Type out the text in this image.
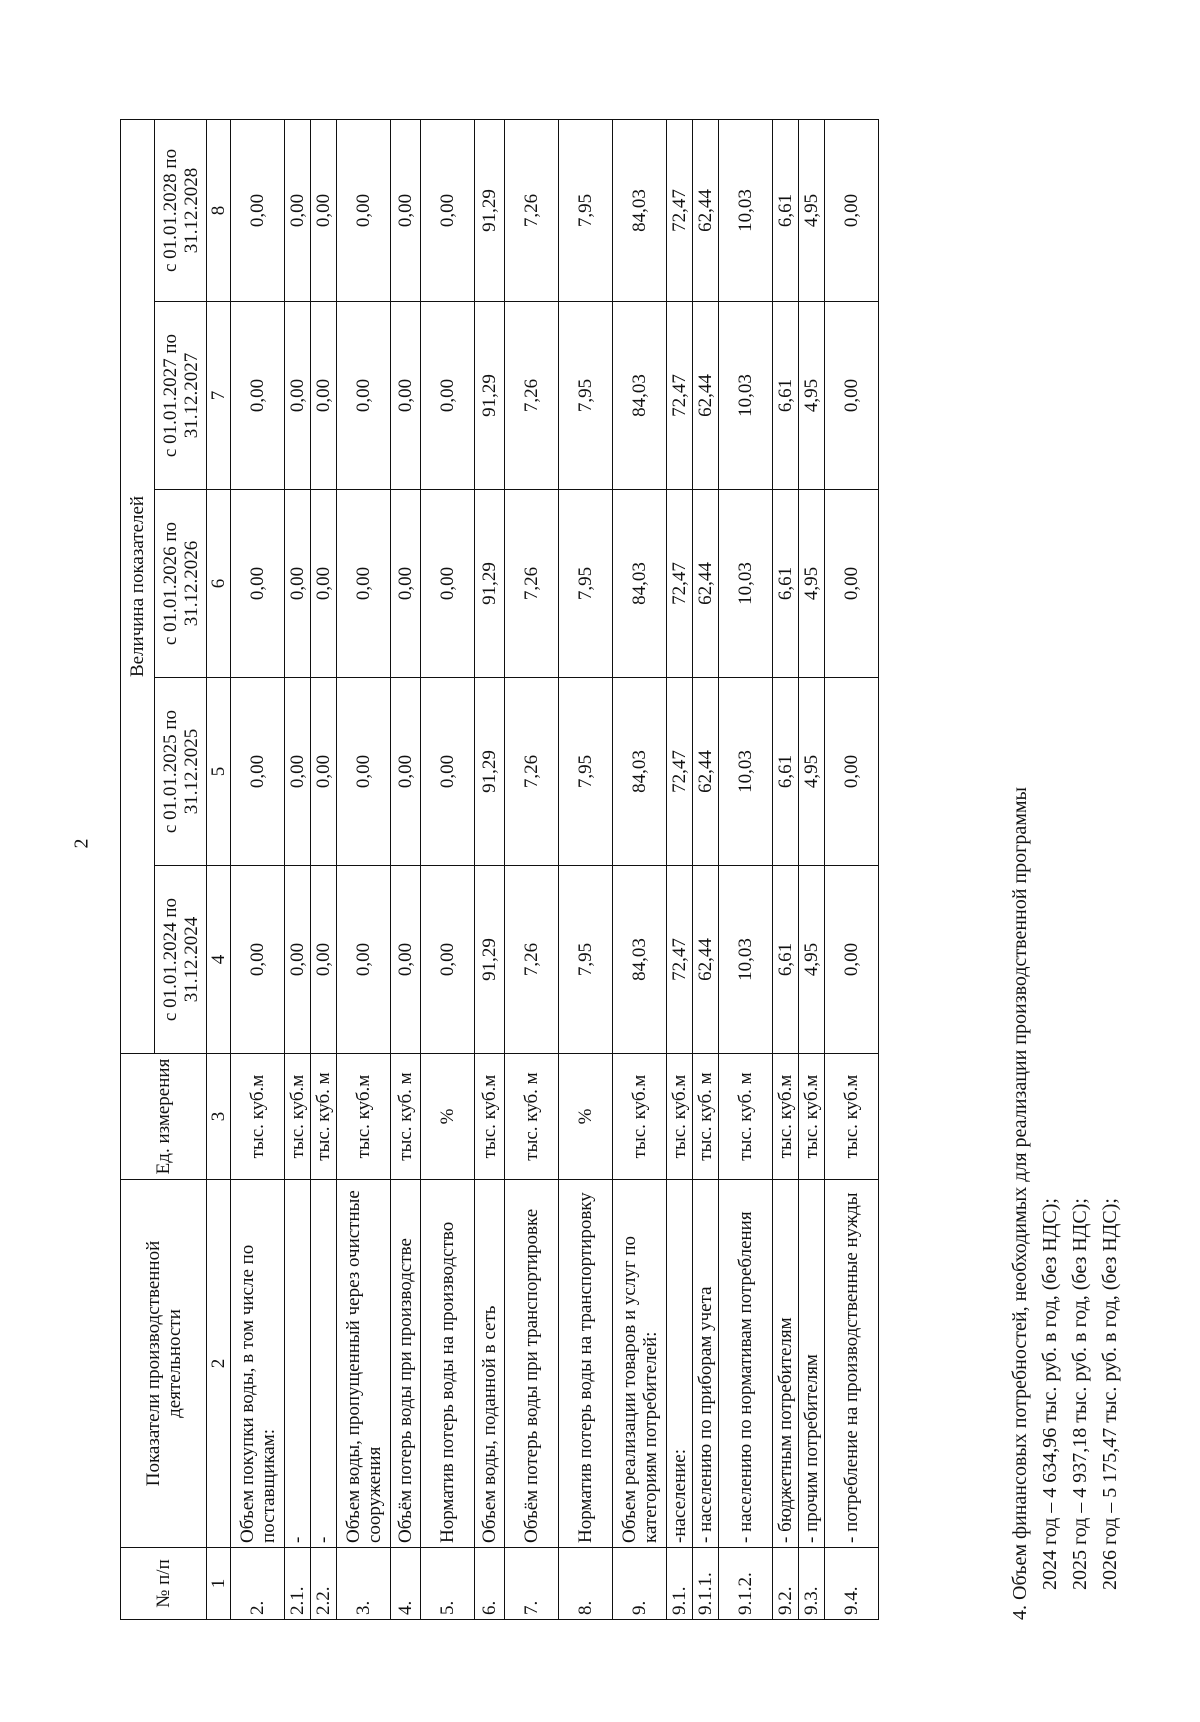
2
№ п/п	Показатели производственной деятельности	Ед. измерения	Величина показателей				
			с 01.01.2024 по 31.12.2024	с 01.01.2025 по 31.12.2025	с 01.01.2026 по 31.12.2026	с 01.01.2027 по 31.12.2027	с 01.01.2028 по 31.12.2028
1	2	3	4	5	6	7	8
2.	Объем покупки воды, в том числе по поставщикам:	тыс. куб.м	0,00	0,00	0,00	0,00	0,00
2.1.	-	тыс. куб.м	0,00	0,00	0,00	0,00	0,00
2.2.	-	тыс. куб. м	0,00	0,00	0,00	0,00	0,00
3.	Объем воды, пропущенный через очистные сооружения	тыс. куб.м	0,00	0,00	0,00	0,00	0,00
4.	Объём потерь воды при производстве	тыс. куб. м	0,00	0,00	0,00	0,00	0,00
5.	Норматив потерь воды на производство	%	0,00	0,00	0,00	0,00	0,00
6.	Объем воды, поданной в сеть	тыс. куб.м	91,29	91,29	91,29	91,29	91,29
7.	Объём потерь воды при транспортировке	тыс. куб. м	7,26	7,26	7,26	7,26	7,26
8.	Норматив потерь воды на транспортировку	%	7,95	7,95	7,95	7,95	7,95
9.	Объем реализации товаров и услуг по категориям потребителей:	тыс. куб.м	84,03	84,03	84,03	84,03	84,03
9.1.	-население:	тыс. куб.м	72,47	72,47	72,47	72,47	72,47
9.1.1.	- населению по приборам учета	тыс. куб. м	62,44	62,44	62,44	62,44	62,44
9.1.2.	- населению по нормативам потребления	тыс. куб. м	10,03	10,03	10,03	10,03	10,03
9.2.	- бюджетным потребителям	тыс. куб.м	6,61	6,61	6,61	6,61	6,61
9.3.	- прочим потребителям	тыс. куб.м	4,95	4,95	4,95	4,95	4,95
9.4.	- потребление на производственные нужды	тыс. куб.м	0,00	0,00	0,00	0,00	0,00
4. Объем финансовых потребностей, необходимых для реализации производственной программы 2024 год – 4 634,96 тыс. руб. в год, (без НДС); 2025 год – 4 937,18 тыс. руб. в год, (без НДС); 2026 год – 5 175,47 тыс. руб. в год, (без НДС);
